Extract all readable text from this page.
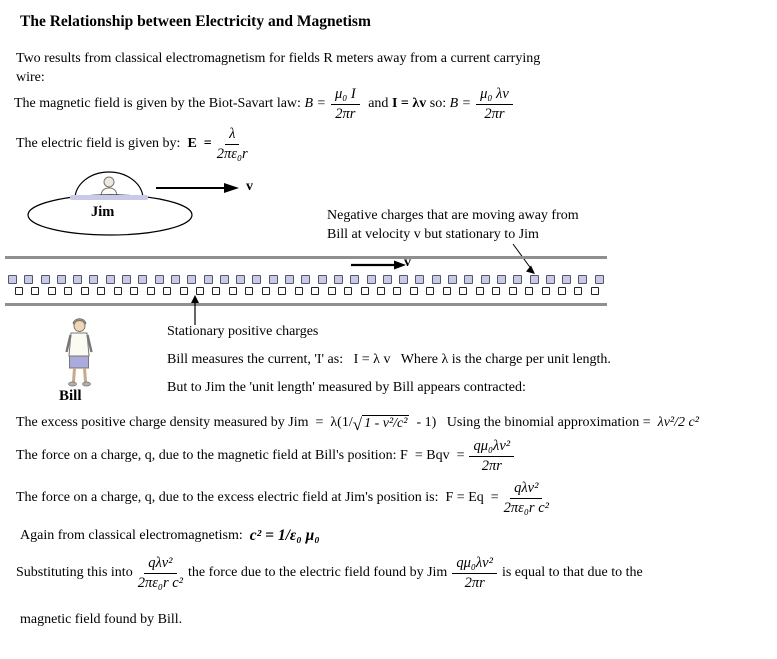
The Relationship between Electricity and Magnetism
Two results from classical electromagnetism for fields R meters away from a current carrying wire:
The magnetic field is given by the Biot-Savart law: $B = \frac{\text{μ₀ I}}{2\pi r}$ and I = λv so: $B = \frac{\text{μ₀ λv}}{2\pi r}$
The electric field is given by: $E = \frac{\lambda}{\text{2πε₀r}}$
Jim
v
Negative charges that are moving away from
Bill at velocity v but stationary to Jim
v
Stationary positive charges
Bill
Bill measures the current, 'I' as:   I = λ v   Where λ is the charge per unit length.
But to Jim the 'unit length' measured by Bill appears contracted:
The excess positive charge density measured by Jim  =  λ(1/ √ 1 - v²/c² - 1) Using the binomial approximation = λv²/2 c²
The force on a charge, q, due to the magnetic field at Bill's position: F  = Bqv  = $\frac{\text{qμ₀λv²}}{2\pi r}$
The force on a charge, q, due to the excess electric field at Jim's position is:  $F = Eq = \frac{\text{qλv²}}{\text{2πε₀r c²}}$
Again from classical electromagnetism: c² = 1/ε₀ μ₀
Substituting this into $\frac{\text{qλv²}}{\text{2πε₀r c²}}$ the force due to the electric field found by Jim $\frac{\text{qμ₀λv²}}{2\pi r}$ is equal to that due to the
magnetic field found by Bill.
